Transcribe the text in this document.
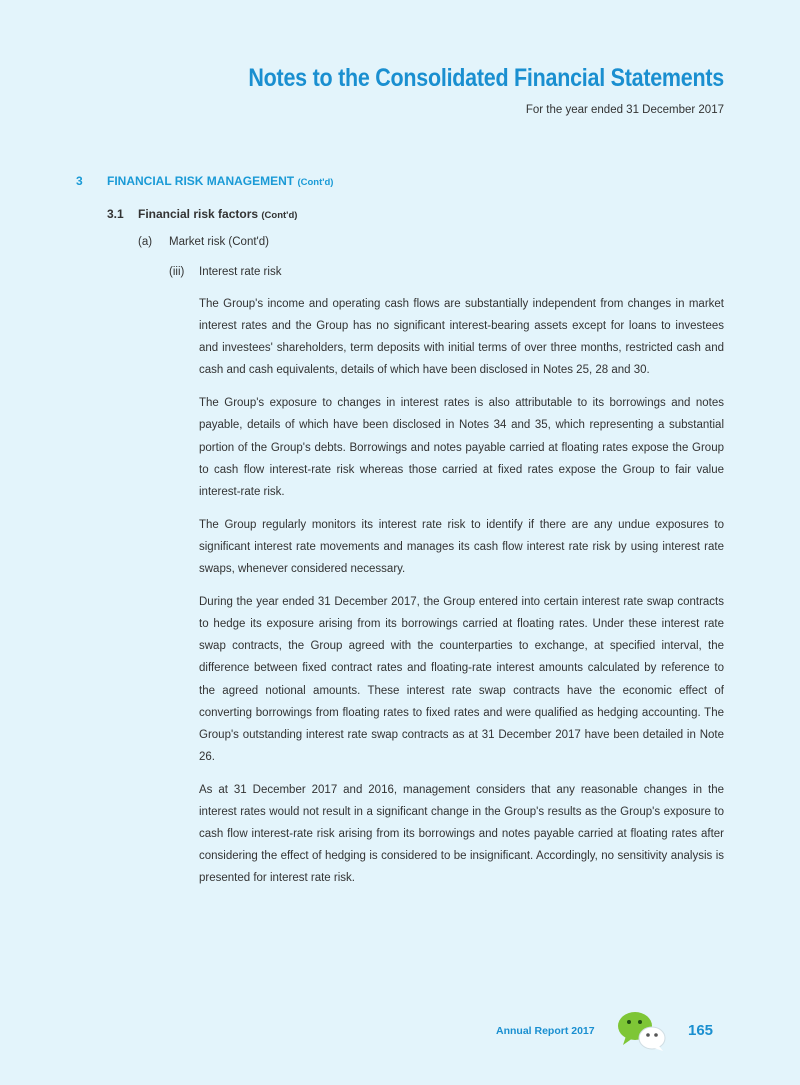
Notes to the Consolidated Financial Statements
For the year ended 31 December 2017
3 FINANCIAL RISK MANAGEMENT (Cont'd)
3.1 Financial risk factors (Cont'd)
(a) Market risk (Cont'd)
(iii) Interest rate risk

The Group's income and operating cash flows are substantially independent from changes in market interest rates and the Group has no significant interest-bearing assets except for loans to investees and investees' shareholders, term deposits with initial terms of over three months, restricted cash and cash and cash equivalents, details of which have been disclosed in Notes 25, 28 and 30.

The Group's exposure to changes in interest rates is also attributable to its borrowings and notes payable, details of which have been disclosed in Notes 34 and 35, which representing a substantial portion of the Group's debts. Borrowings and notes payable carried at floating rates expose the Group to cash flow interest-rate risk whereas those carried at fixed rates expose the Group to fair value interest-rate risk.

The Group regularly monitors its interest rate risk to identify if there are any undue exposures to significant interest rate movements and manages its cash flow interest rate risk by using interest rate swaps, whenever considered necessary.

During the year ended 31 December 2017, the Group entered into certain interest rate swap contracts to hedge its exposure arising from its borrowings carried at floating rates. Under these interest rate swap contracts, the Group agreed with the counterparties to exchange, at specified interval, the difference between fixed contract rates and floating-rate interest amounts calculated by reference to the agreed notional amounts. These interest rate swap contracts have the economic effect of converting borrowings from floating rates to fixed rates and were qualified as hedging accounting. The Group's outstanding interest rate swap contracts as at 31 December 2017 have been detailed in Note 26.

As at 31 December 2017 and 2016, management considers that any reasonable changes in the interest rates would not result in a significant change in the Group's results as the Group's exposure to cash flow interest-rate risk arising from its borrowings and notes payable carried at floating rates after considering the effect of hedging is considered to be insignificant. Accordingly, no sensitivity analysis is presented for interest rate risk.

Annual Report 2017	165
